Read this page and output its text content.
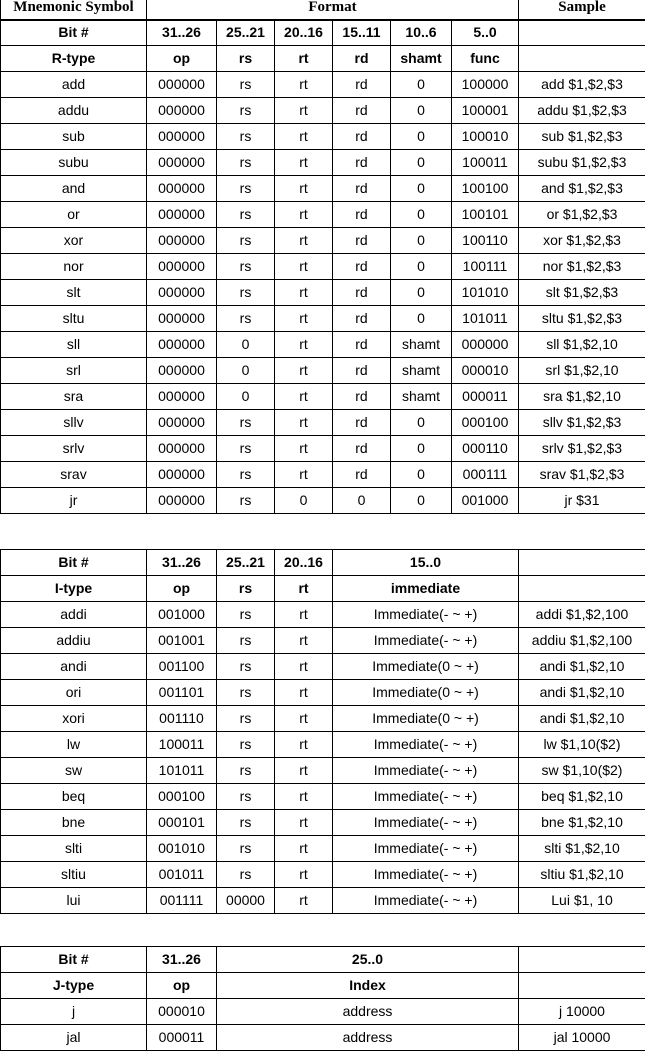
Mnemonic Symbol	Format	Sample
Bit #	31..26	25..21	20..16	15..11	10..6	5..0	
R-type	op	rs	rt	rd	shamt	func	
add	000000	rs	rt	rd	0	100000	add $1,$2,$3
addu	000000	rs	rt	rd	0	100001	addu $1,$2,$3
sub	000000	rs	rt	rd	0	100010	sub $1,$2,$3
subu	000000	rs	rt	rd	0	100011	subu $1,$2,$3
and	000000	rs	rt	rd	0	100100	and $1,$2,$3
or	000000	rs	rt	rd	0	100101	or $1,$2,$3
xor	000000	rs	rt	rd	0	100110	xor $1,$2,$3
nor	000000	rs	rt	rd	0	100111	nor $1,$2,$3
slt	000000	rs	rt	rd	0	101010	slt $1,$2,$3
sltu	000000	rs	rt	rd	0	101011	sltu $1,$2,$3
sll	000000	0	rt	rd	shamt	000000	sll $1,$2,10
srl	000000	0	rt	rd	shamt	000010	srl $1,$2,10
sra	000000	0	rt	rd	shamt	000011	sra $1,$2,10
sllv	000000	rs	rt	rd	0	000100	sllv $1,$2,$3
srlv	000000	rs	rt	rd	0	000110	srlv $1,$2,$3
srav	000000	rs	rt	rd	0	000111	srav $1,$2,$3
jr	000000	rs	0	0	0	001000	jr $31
Bit #	31..26	25..21	20..16	15..0	
I-type	op	rs	rt	immediate	
addi	001000	rs	rt	Immediate(- ~ +)	addi $1,$2,100
addiu	001001	rs	rt	Immediate(- ~ +)	addiu $1,$2,100
andi	001100	rs	rt	Immediate(0 ~ +)	andi $1,$2,10
ori	001101	rs	rt	Immediate(0 ~ +)	andi $1,$2,10
xori	001110	rs	rt	Immediate(0 ~ +)	andi $1,$2,10
lw	100011	rs	rt	Immediate(- ~ +)	lw $1,10($2)
sw	101011	rs	rt	Immediate(- ~ +)	sw $1,10($2)
beq	000100	rs	rt	Immediate(- ~ +)	beq $1,$2,10
bne	000101	rs	rt	Immediate(- ~ +)	bne $1,$2,10
slti	001010	rs	rt	Immediate(- ~ +)	slti $1,$2,10
sltiu	001011	rs	rt	Immediate(- ~ +)	sltiu $1,$2,10
lui	001111	00000	rt	Immediate(- ~ +)	Lui $1, 10
Bit #	31..26	25..0	
J-type	op	Index	
j	000010	address	j 10000
jal	000011	address	jal 10000
